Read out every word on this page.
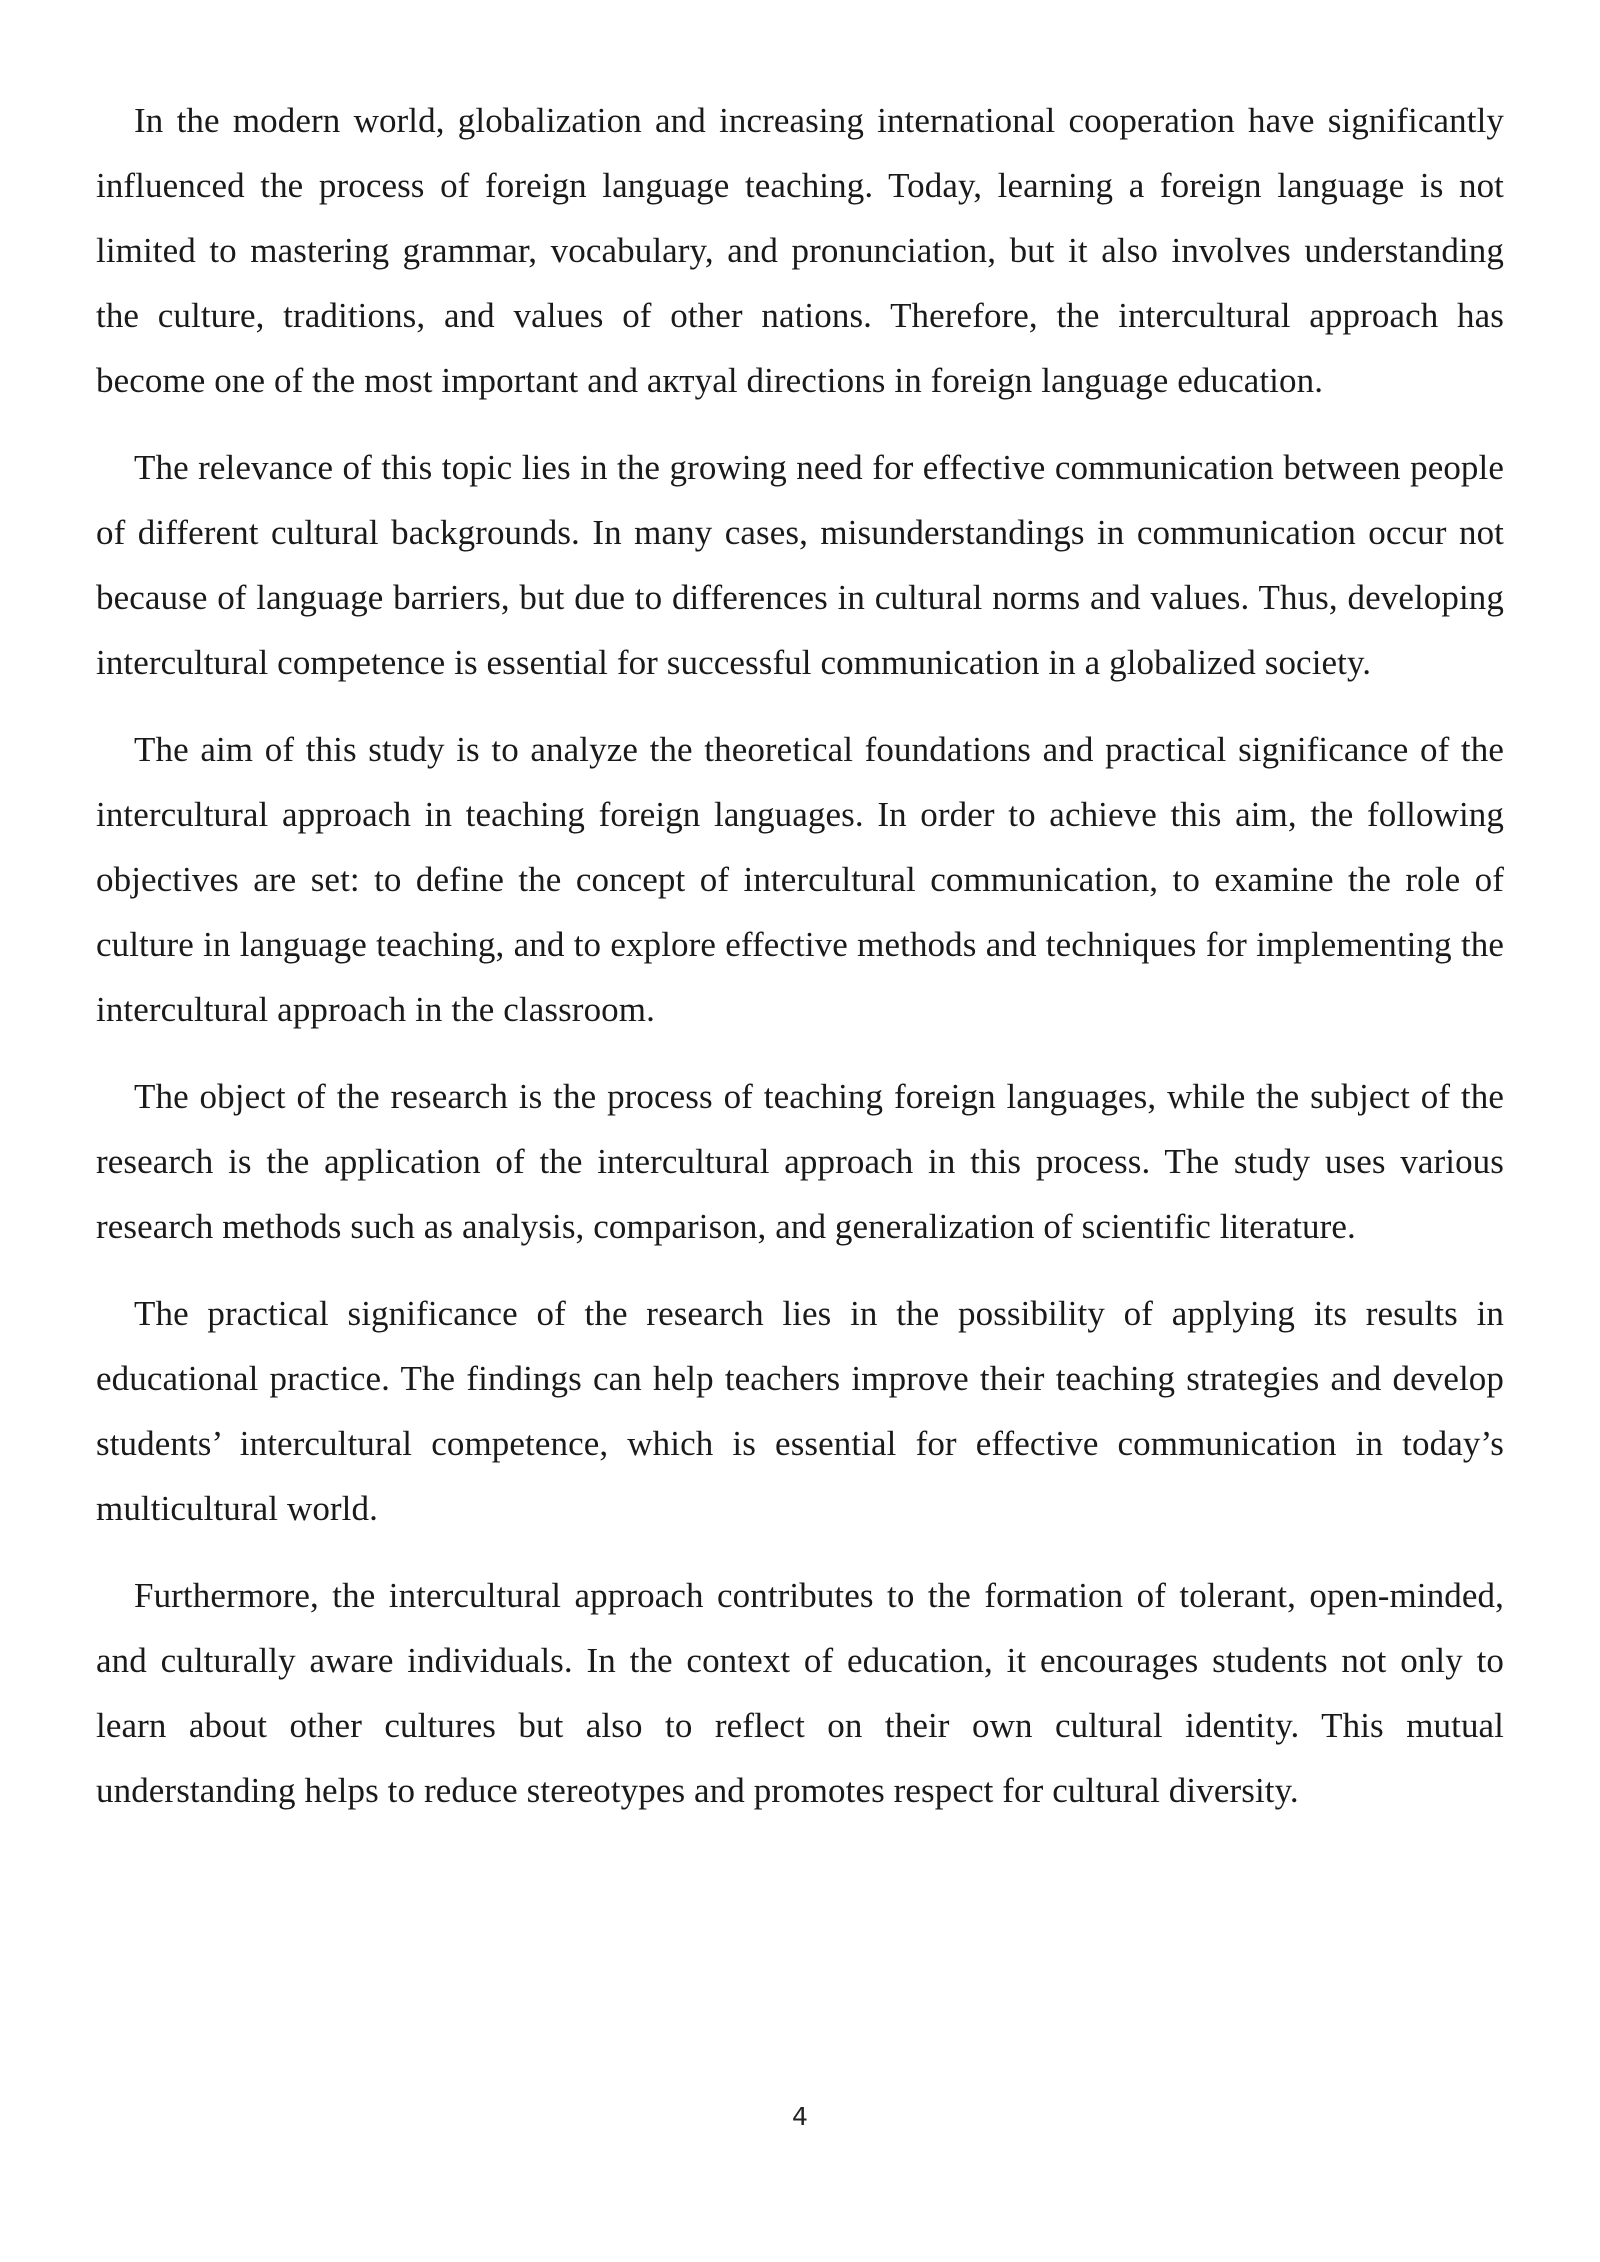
In the modern world, globalization and increasing international cooperation have significantly influenced the process of foreign language teaching. Today, learning a foreign language is not limited to mastering grammar, vocabulary, and pronunciation, but it also involves understanding the culture, traditions, and values of other nations. Therefore, the intercultural approach has become one of the most important and актyal directions in foreign language education.

The relevance of this topic lies in the growing need for effective communication between people of different cultural backgrounds. In many cases, misunderstandings in communication occur not because of language barriers, but due to differences in cultural norms and values. Thus, developing intercultural competence is essential for successful communication in a globalized society.

The aim of this study is to analyze the theoretical foundations and practical significance of the intercultural approach in teaching foreign languages. In order to achieve this aim, the following objectives are set: to define the concept of intercultural communication, to examine the role of culture in language teaching, and to explore effective methods and techniques for implementing the intercultural approach in the classroom.

The object of the research is the process of teaching foreign languages, while the subject of the research is the application of the intercultural approach in this process. The study uses various research methods such as analysis, comparison, and generalization of scientific literature.

The practical significance of the research lies in the possibility of applying its results in educational practice. The findings can help teachers improve their teaching strategies and develop students’ intercultural competence, which is essential for effective communication in today’s multicultural world.

Furthermore, the intercultural approach contributes to the formation of tolerant, open-minded, and culturally aware individuals. In the context of education, it encourages students not only to learn about other cultures but also to reflect on their own cultural identity. This mutual understanding helps to reduce stereotypes and promotes respect for cultural diversity.

4
